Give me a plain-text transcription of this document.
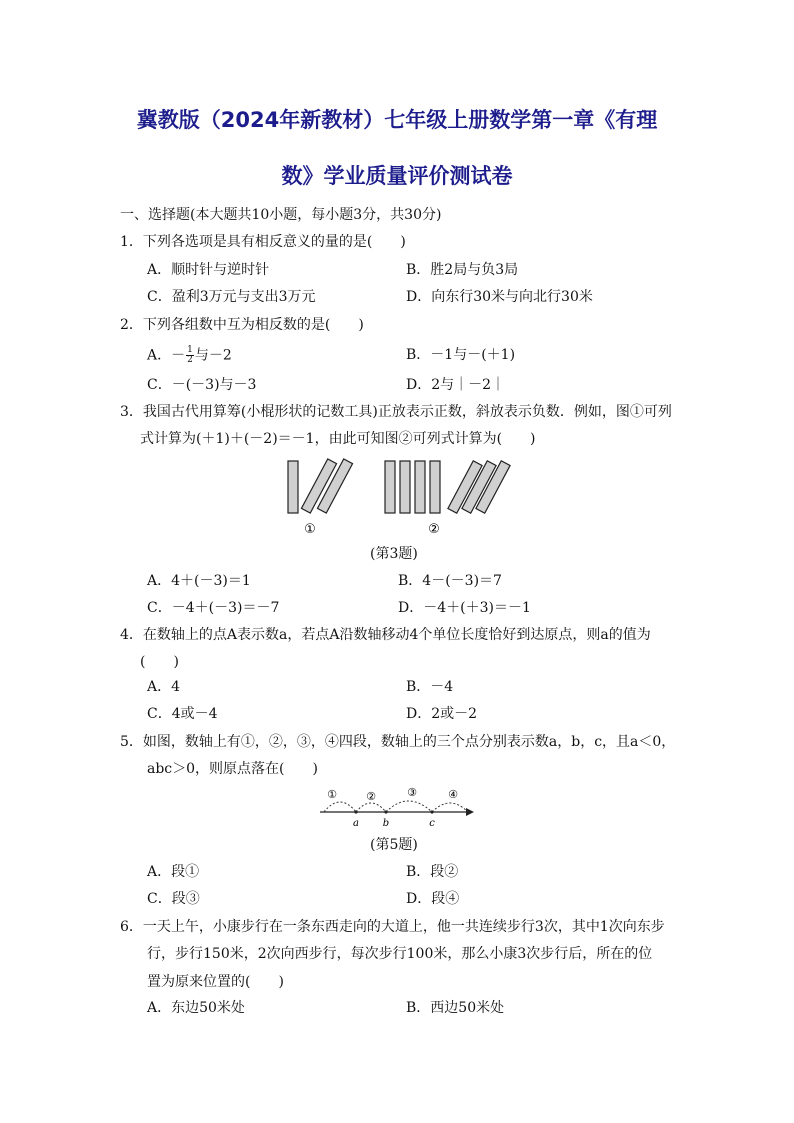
冀教版（2024年新教材）七年级上册数学第一章《有理
数》学业质量评价测试卷
一、选择题(本大题共10小题，每小题3分，共30分)
1．下列各选项是具有相反意义的量的是(　　)
A．顺时针与逆时针	B．胜2局与负3局
C．盈利3万元与支出3万元	D．向东行30米与向北行30米
2．下列各组数中互为相反数的是(　　)
A．－ $\frac{1}{2}$ 与－2	B．－1与－(＋1)
C．－(－3)与－3	D．2与｜－2｜
3．我国古代用算筹(小棍形状的记数工具)正放表示正数，斜放表示负数．例如，图①可列
式计算为(＋1)＋(－2)＝－1，由此可知图②可列式计算为(　　)
①	②
(第3题)
A．4＋(－3)＝1	B．4－(－3)＝7
C．－4＋(－3)＝－7	D．－4＋(＋3)＝－1
4．在数轴上的点A表示数a，若点A沿数轴移动4个单位长度恰好到达原点，则a的值为
(　　)
A．4	B．－4
C．4或－4	D．2或－2
5．如图，数轴上有①，②，③，④四段，数轴上的三个点分别表示数a，b，c，且a＜0，
abc＞0，则原点落在(　　)
①	②	③	④
a b	c
(第5题)
A．段①	B．段②
C．段③	D．段④
6．一天上午，小康步行在一条东西走向的大道上，他一共连续步行3次，其中1次向东步
行，步行150米，2次向西步行，每次步行100米，那么小康3次步行后，所在的位
置为原来位置的(　　)
A．东边50米处	B．西边50米处
